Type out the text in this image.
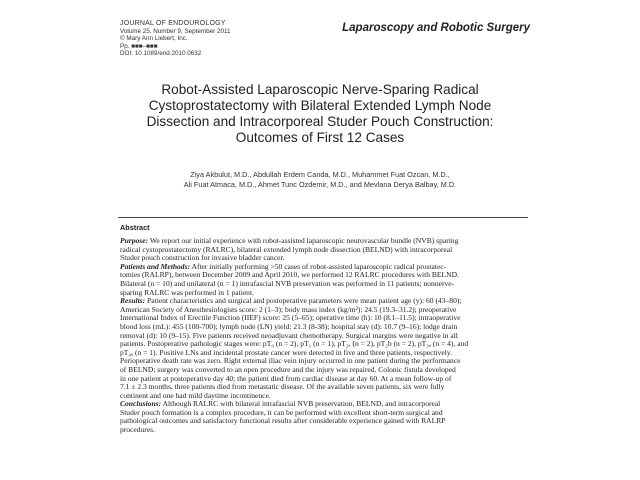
JOURNAL OF ENDOUROLOGY
Volume 25, Number 9, September 2011
© Mary Ann Liebert, Inc.
Pp. ■■■–■■■
DOI: 10.1089/end.2010.0632
Laparoscopy and Robotic Surgery
Robot-Assisted Laparoscopic Nerve-Sparing Radical
Cystoprostatectomy with Bilateral Extended Lymph Node
Dissection and Intracorporeal Studer Pouch Construction:
Outcomes of First 12 Cases
Ziya Akbulut, M.D., Abdullah Erdem Canda, M.D., Muhammet Fuat Ozcan, M.D.,
Ali Fuat Atmaca, M.D., Ahmet Tunc Ozdemir, M.D., and Mevlana Derya Balbay, M.D.
Abstract
Purpose: We report our initial experience with robot-assisted laparoscopic neurovascular bundle (NVB) sparing
radical cystoprostatectomy (RALRC), bilateral extended lymph node dissection (BELND) with intracorporeal
Studer pouch construction for invasive bladder cancer.
Patients and Methods: After initially performing >50 cases of robot-assisted laparoscopic radical prostatec-
tomies (RALRP), between December 2009 and April 2010, we performed 12 RALRC procedures with BELND.
Bilateral (n = 10) and unilateral (n = 1) intrafascial NVB preservation was performed in 11 patients; nonnerve-
sparing RALRC was performed in 1 patient.
Results: Patient characteristics and surgical and postoperative parameters were mean patient age (y): 60 (43–80);
American Society of Anesthesiologists score: 2 (1–3); body mass index (kg/m²): 24.5 (19.3–31.2); preoperative
International Index of Erectile Function (IIEF) score: 25 (5–65); operative time (h): 10 (8.1–11.5); intraoperative
blood loss (mL): 455 (100-700); lymph node (LN) yield: 21.3 (8-38); hospital stay (d): 10.7 (9–16); lodge drain
removal (d): 10 (9–15). Five patients received neoadjuvant chemotherapy. Surgical margins were negative in all
patients. Postoperative pathologic stages were: pT₀ (n = 2), pT₁ (n = 1), pT₂ₐ (n = 2), pT₂b (n = 2), pT₃ₐ (n = 4), and
pT₄ₐ (n = 1). Positive LNs and incidental prostate cancer were detected in five and three patients, respectively.
Perioperative death rate was zero. Right external iliac vein injury occurred in one patient during the performance
of BELND; surgery was converted to an open procedure and the injury was repaired. Colonic fistula developed
in one patient at postoperative day 40; the patient died from cardiac disease at day 60. At a mean follow-up of
7.1 ± 2.3 months, three patients died from metastatic disease. Of the available seven patients, six were fully
continent and one had mild daytime incontinence.
Conclusions: Although RALRC with bilateral intrafascial NVB preservation, BELND, and intracorporeal
Studer pouch formation is a complex procedure, it can be performed with excellent short-term surgical and
pathological outcomes and satisfactory functional results after considerable experience gained with RALRP
procedures.
